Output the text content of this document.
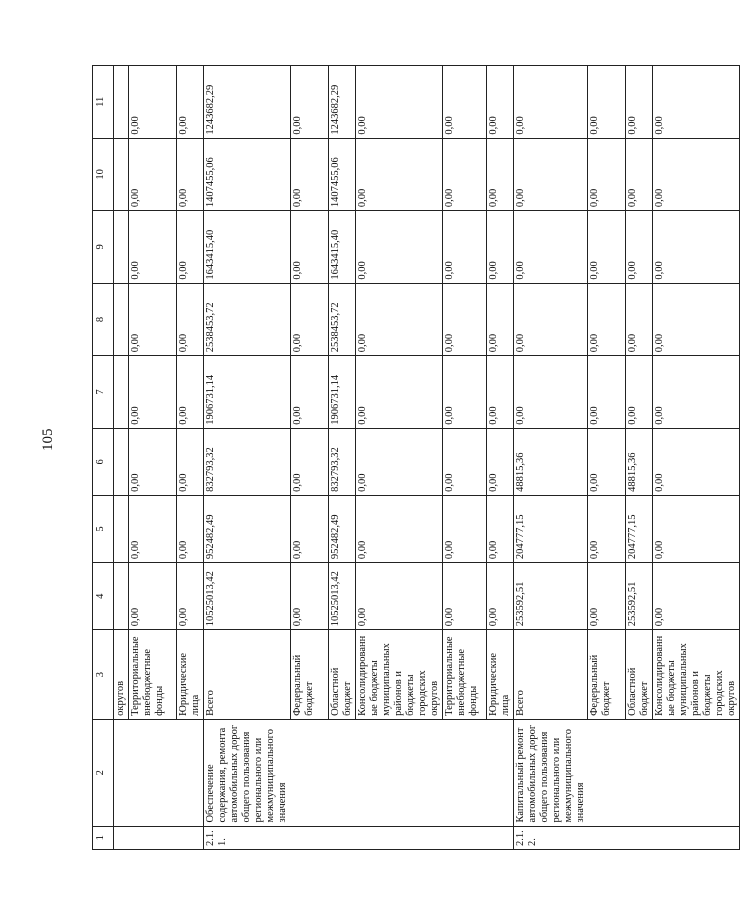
105
1	2	3	4	5	6	7	8	9	10	11
		округов								
		Территориальные внебюджетные фонды	0,00	0,00	0,00	0,00	0,00	0,00	0,00	0,00
		Юридические лица	0,00	0,00	0,00	0,00	0,00	0,00	0,00	0,00
2.1.1.	Обеспечение содержания, ремонта автомобильных дорог общего пользования регионального или межмуниципального значения	Всего	10525013,42	952482,49	832793,32	1906731,14	2538453,72	1643415,40	1407455,06	1243682,29
		Федеральный бюджет	0,00	0,00	0,00	0,00	0,00	0,00	0,00	0,00
		Областной бюджет	10525013,42	952482,49	832793,32	1906731,14	2538453,72	1643415,40	1407455,06	1243682,29
		Консолидированные бюджеты муниципальных районов и бюджеты городских округов	0,00	0,00	0,00	0,00	0,00	0,00	0,00	0,00
		Территориальные внебюджетные фонды	0,00	0,00	0,00	0,00	0,00	0,00	0,00	0,00
		Юридические лица	0,00	0,00	0,00	0,00	0,00	0,00	0,00	0,00
2.1.2.	Капитальный ремонт автомобильных дорог общего пользования регионального или межмуниципального значения	Всего	253592,51	204777,15	48815,36	0,00	0,00	0,00	0,00	0,00
		Федеральный бюджет	0,00	0,00	0,00	0,00	0,00	0,00	0,00	0,00
		Областной бюджет	253592,51	204777,15	48815,36	0,00	0,00	0,00	0,00	0,00
		Консолидированные бюджеты муниципальных районов и бюджеты городских округов	0,00	0,00	0,00	0,00	0,00	0,00	0,00	0,00
